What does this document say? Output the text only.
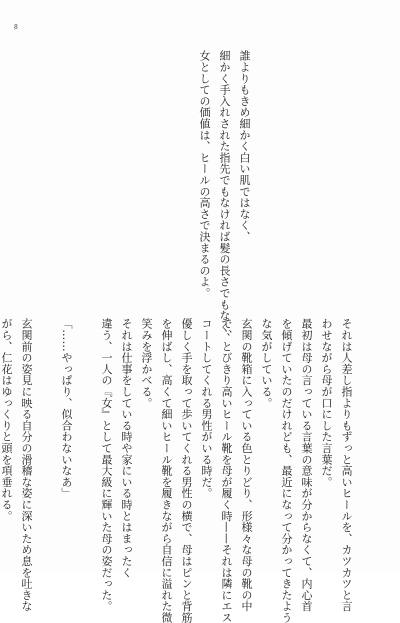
8
誰よりもきめ細かく白い肌ではなく、
細かく手入れされた指先でもなければ髪の長さでもなく、
女としての価値は、ヒールの高さで決まるのよ。
それは人差し指よりもずっと高いヒールを、カツカツと言
わせながら母が口にした言葉だ。
最初は母の言っている言葉の意味が分からなくて、内心首
を傾げていたのだけれども、最近になって分かってきたよう
な気がしている。
玄関の靴箱に入っている色とりどり、形様々な母の靴の中
で、とびきり高いヒール靴を母が履く時——それは隣にエス
コートしてくれる男性がいる時だ。
優しく手を取って歩いてくれる男性の横で、母はピンと背筋
を伸ばし、高くて細いヒール靴を履きながら自信に溢れた微
笑みを浮かべる。
それは仕事をしている時や家にいる時とはまったく
違う、一人の『女』として最大級に輝いた母の姿だった。
「……やっぱり、似合わないなあ」
玄関前の姿見に映る自分の滑稽な姿に深いため息を吐きな
がら、仁花はゆっくりと頭を項垂れる。
